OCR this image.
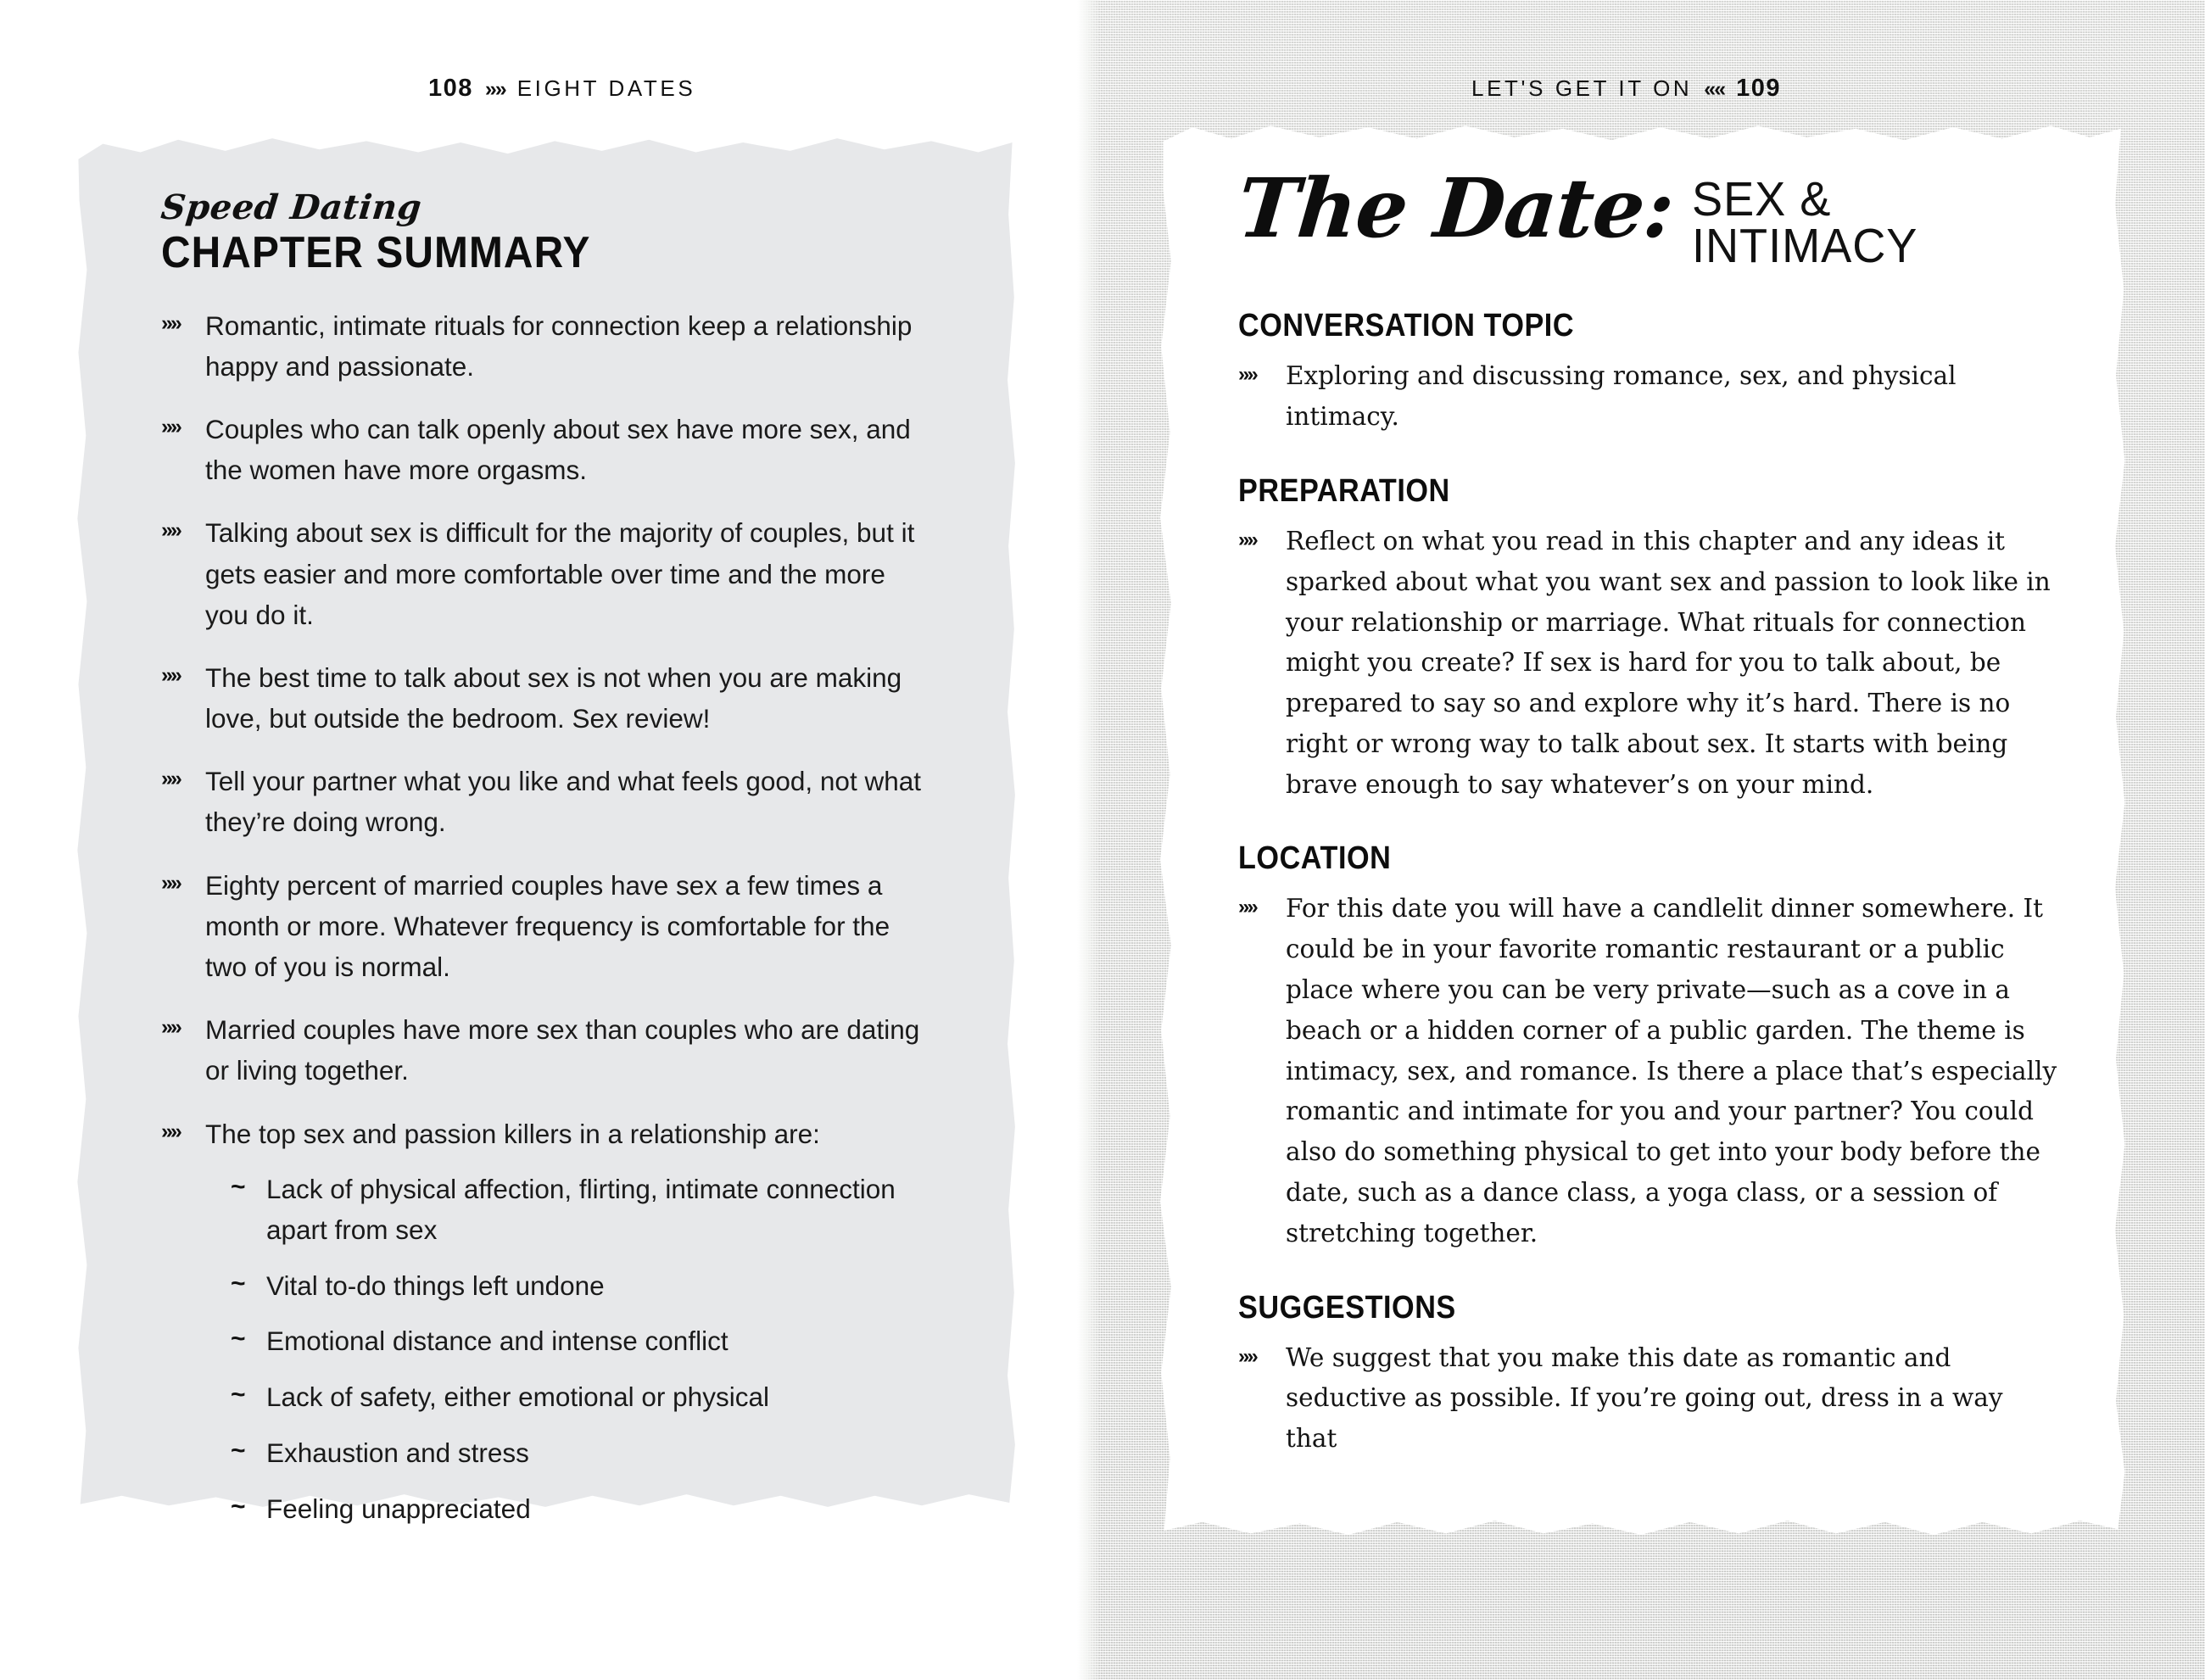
108 »» EIGHT DATES
Speed Dating
CHAPTER SUMMARY
»» Romantic, intimate rituals for connection keep a relationship happy and passionate.
»» Couples who can talk openly about sex have more sex, and the women have more orgasms.
»» Talking about sex is difficult for the majority of couples, but it gets easier and more comfortable over time and the more you do it.
»» The best time to talk about sex is not when you are making love, but outside the bedroom. Sex review!
»» Tell your partner what you like and what feels good, not what they’re doing wrong.
»» Eighty percent of married couples have sex a few times a month or more. Whatever frequency is comfortable for the two of you is normal.
»» Married couples have more sex than couples who are dating or living together.
»» The top sex and passion killers in a relationship are:
~ Lack of physical affection, flirting, intimate connection apart from sex
~ Vital to-do things left undone
~ Emotional distance and intense conflict
~ Lack of safety, either emotional or physical
~ Exhaustion and stress
~ Feeling unappreciated
LET'S GET IT ON «« 109
The Date: SEX &
INTIMACY
CONVERSATION TOPIC
»» Exploring and discussing romance, sex, and physical intimacy.
PREPARATION
»» Reflect on what you read in this chapter and any ideas it sparked about what you want sex and passion to look like in your relationship or marriage. What rituals for connection might you create? If sex is hard for you to talk about, be prepared to say so and explore why it’s hard. There is no right or wrong way to talk about sex. It starts with being brave enough to say whatever’s on your mind.
LOCATION
»» For this date you will have a candlelit dinner somewhere. It could be in your favorite romantic restaurant or a public place where you can be very private—such as a cove in a beach or a hidden corner of a public garden. The theme is intimacy, sex, and romance. Is there a place that’s especially romantic and intimate for you and your partner? You could also do something physical to get into your body before the date, such as a dance class, a yoga class, or a session of stretching together.
SUGGESTIONS
»» We suggest that you make this date as romantic and seductive as possible. If you’re going out, dress in a way that
